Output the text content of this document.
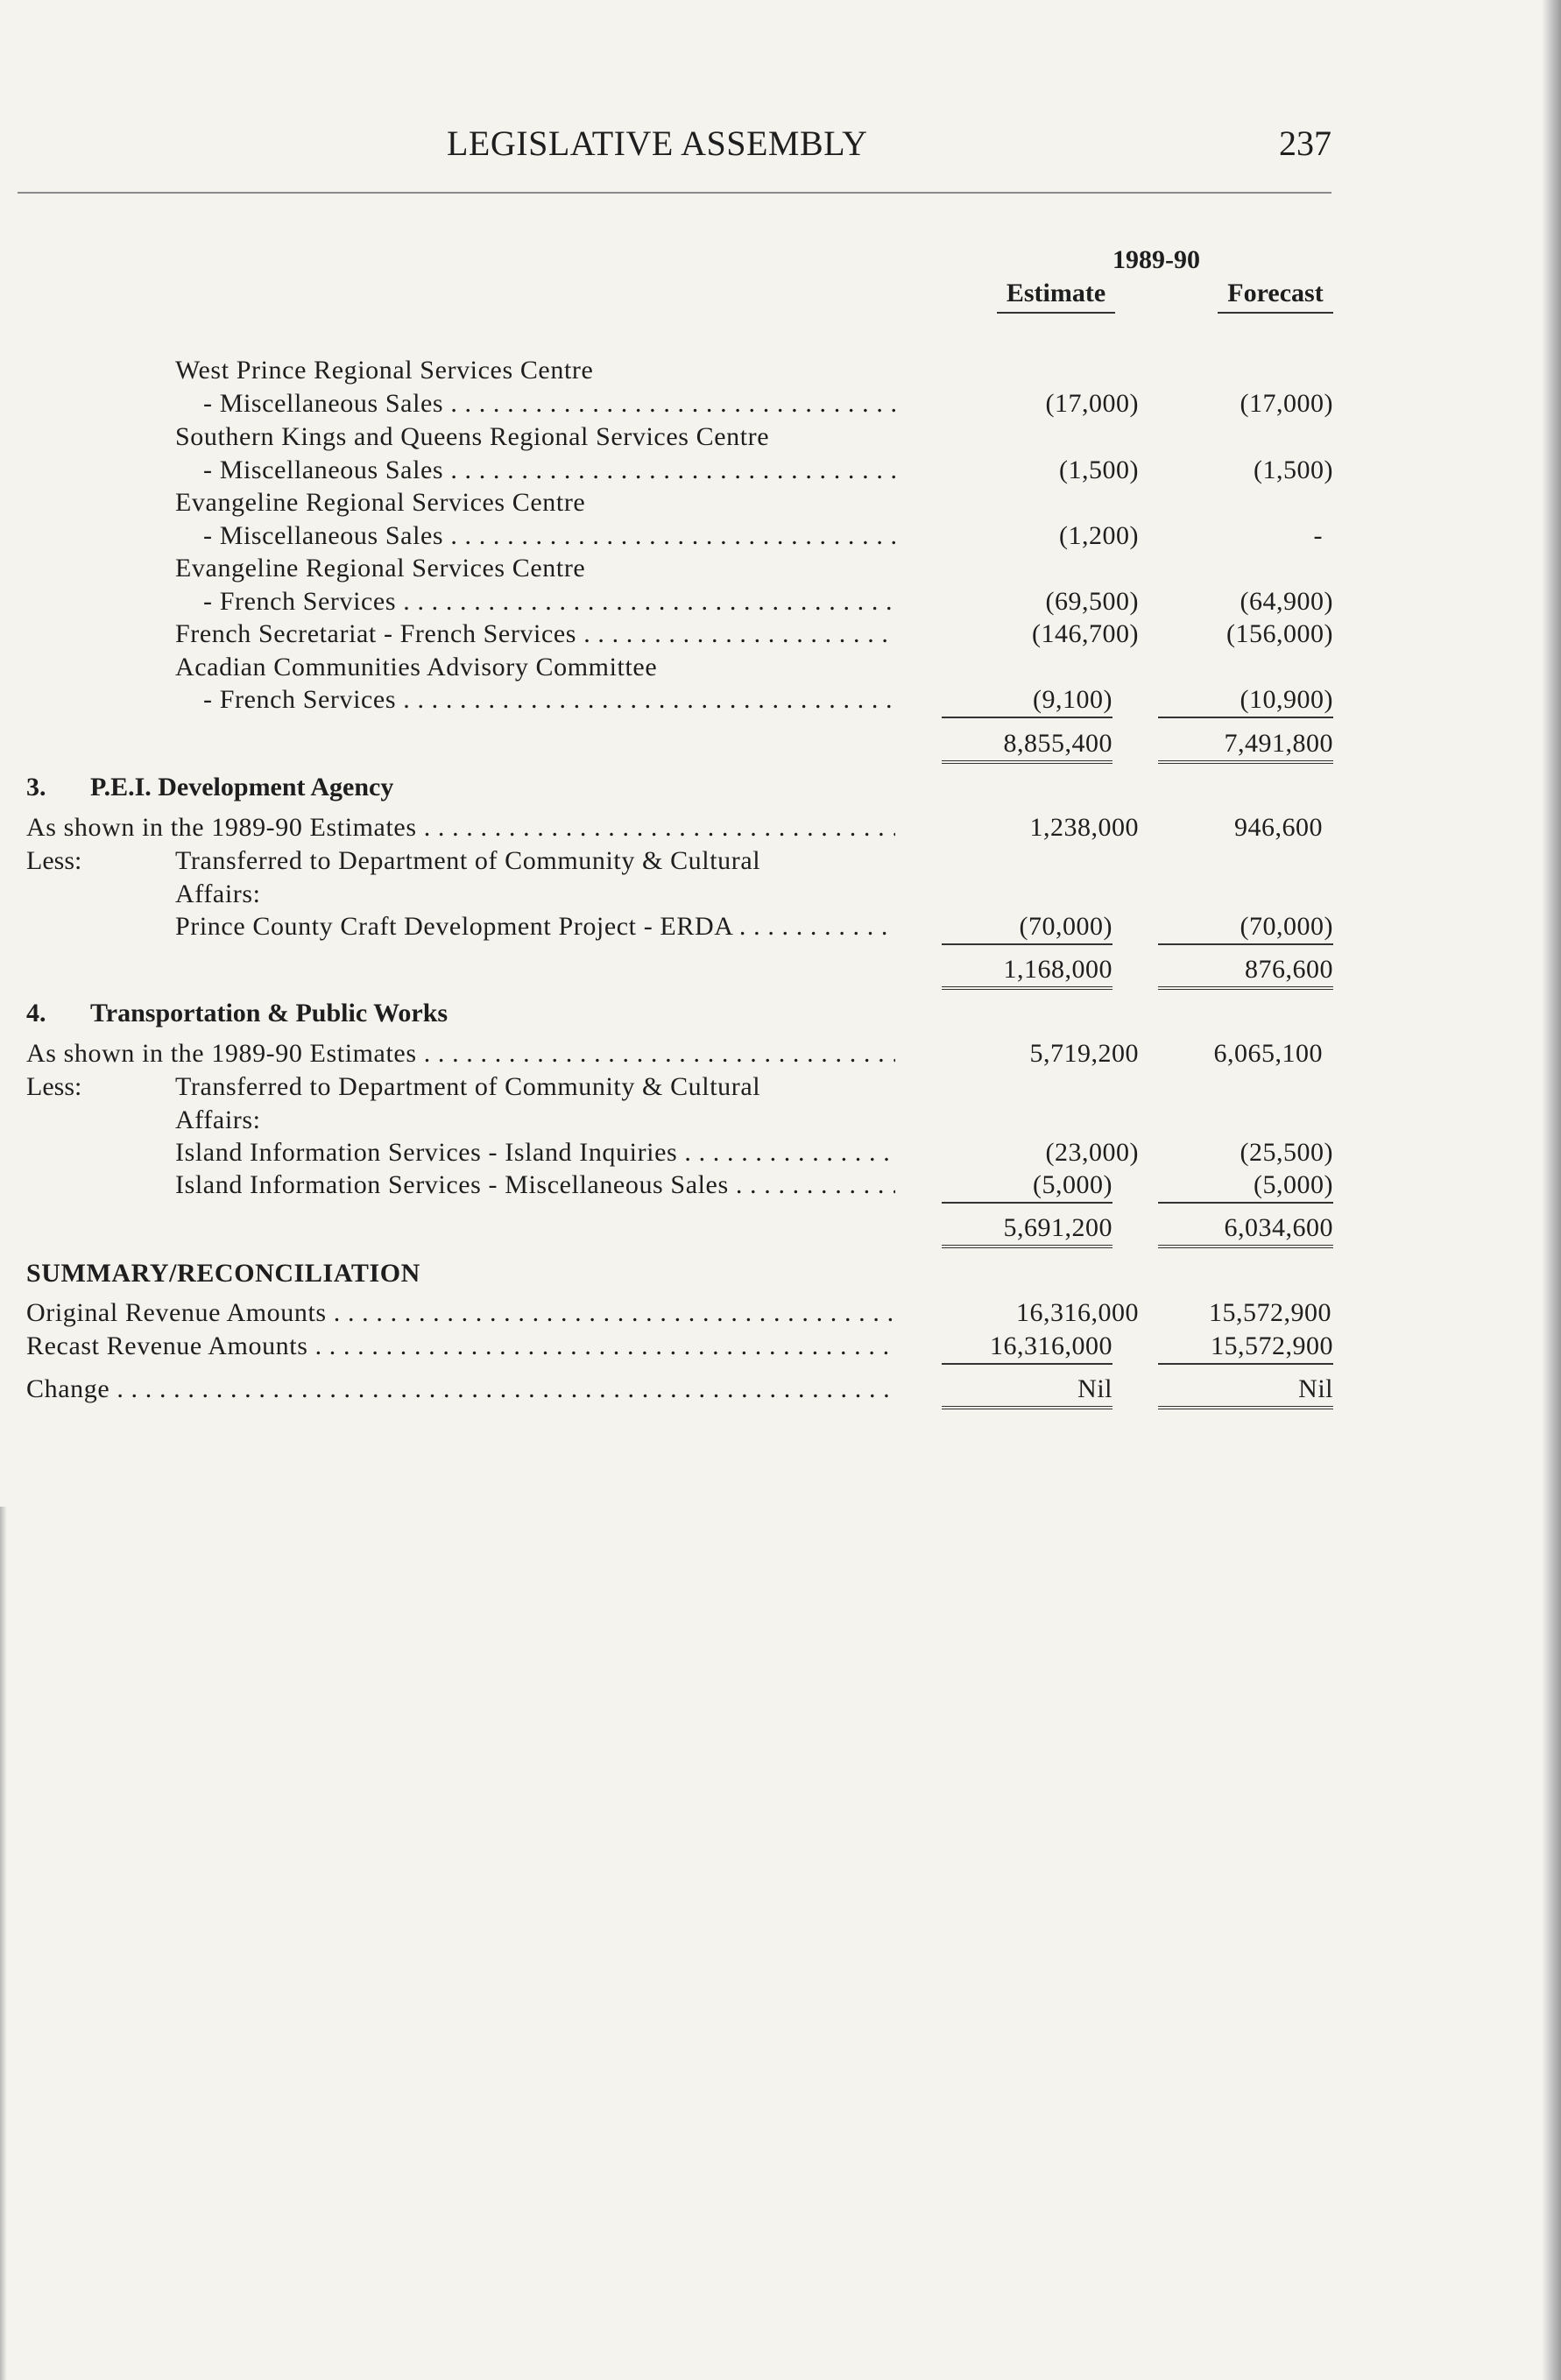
LEGISLATIVE ASSEMBLY	237
1989-90
Estimate	Forecast
West Prince Regional Services Centre
- Miscellaneous Sales . . .	(17,000)	(17,000)
Southern Kings and Queens Regional Services Centre
- Miscellaneous Sales . . .	(1,500)	(1,500)
Evangeline Regional Services Centre
- Miscellaneous Sales . . .	(1,200)	-
Evangeline Regional Services Centre
- French Services . . .	(69,500)	(64,900)
French Secretariat - French Services . . .	(146,700)	(156,000)
Acadian Communities Advisory Committee
- French Services . . .	(9,100)	(10,900)
8,855,400	7,491,800
3. P.E.I. Development Agency
As shown in the 1989-90 Estimates . . .	1,238,000	946,600
Less:	Transferred to Department of Community & Cultural
Affairs:
Prince County Craft Development Project - ERDA . . .	(70,000)	(70,000)
1,168,000	876,600
4. Transportation & Public Works
As shown in the 1989-90 Estimates . . .	5,719,200	6,065,100
Less:	Transferred to Department of Community & Cultural
Affairs:
Island Information Services - Island Inquiries . . .	(23,000)	(25,500)
Island Information Services - Miscellaneous Sales . . .	(5,000)	(5,000)
5,691,200	6,034,600
SUMMARY/RECONCILIATION
Original Revenue Amounts . . .	16,316,000	15,572,900
Recast Revenue Amounts . . .	16,316,000	15,572,900
Change . . .	Nil	Nil
